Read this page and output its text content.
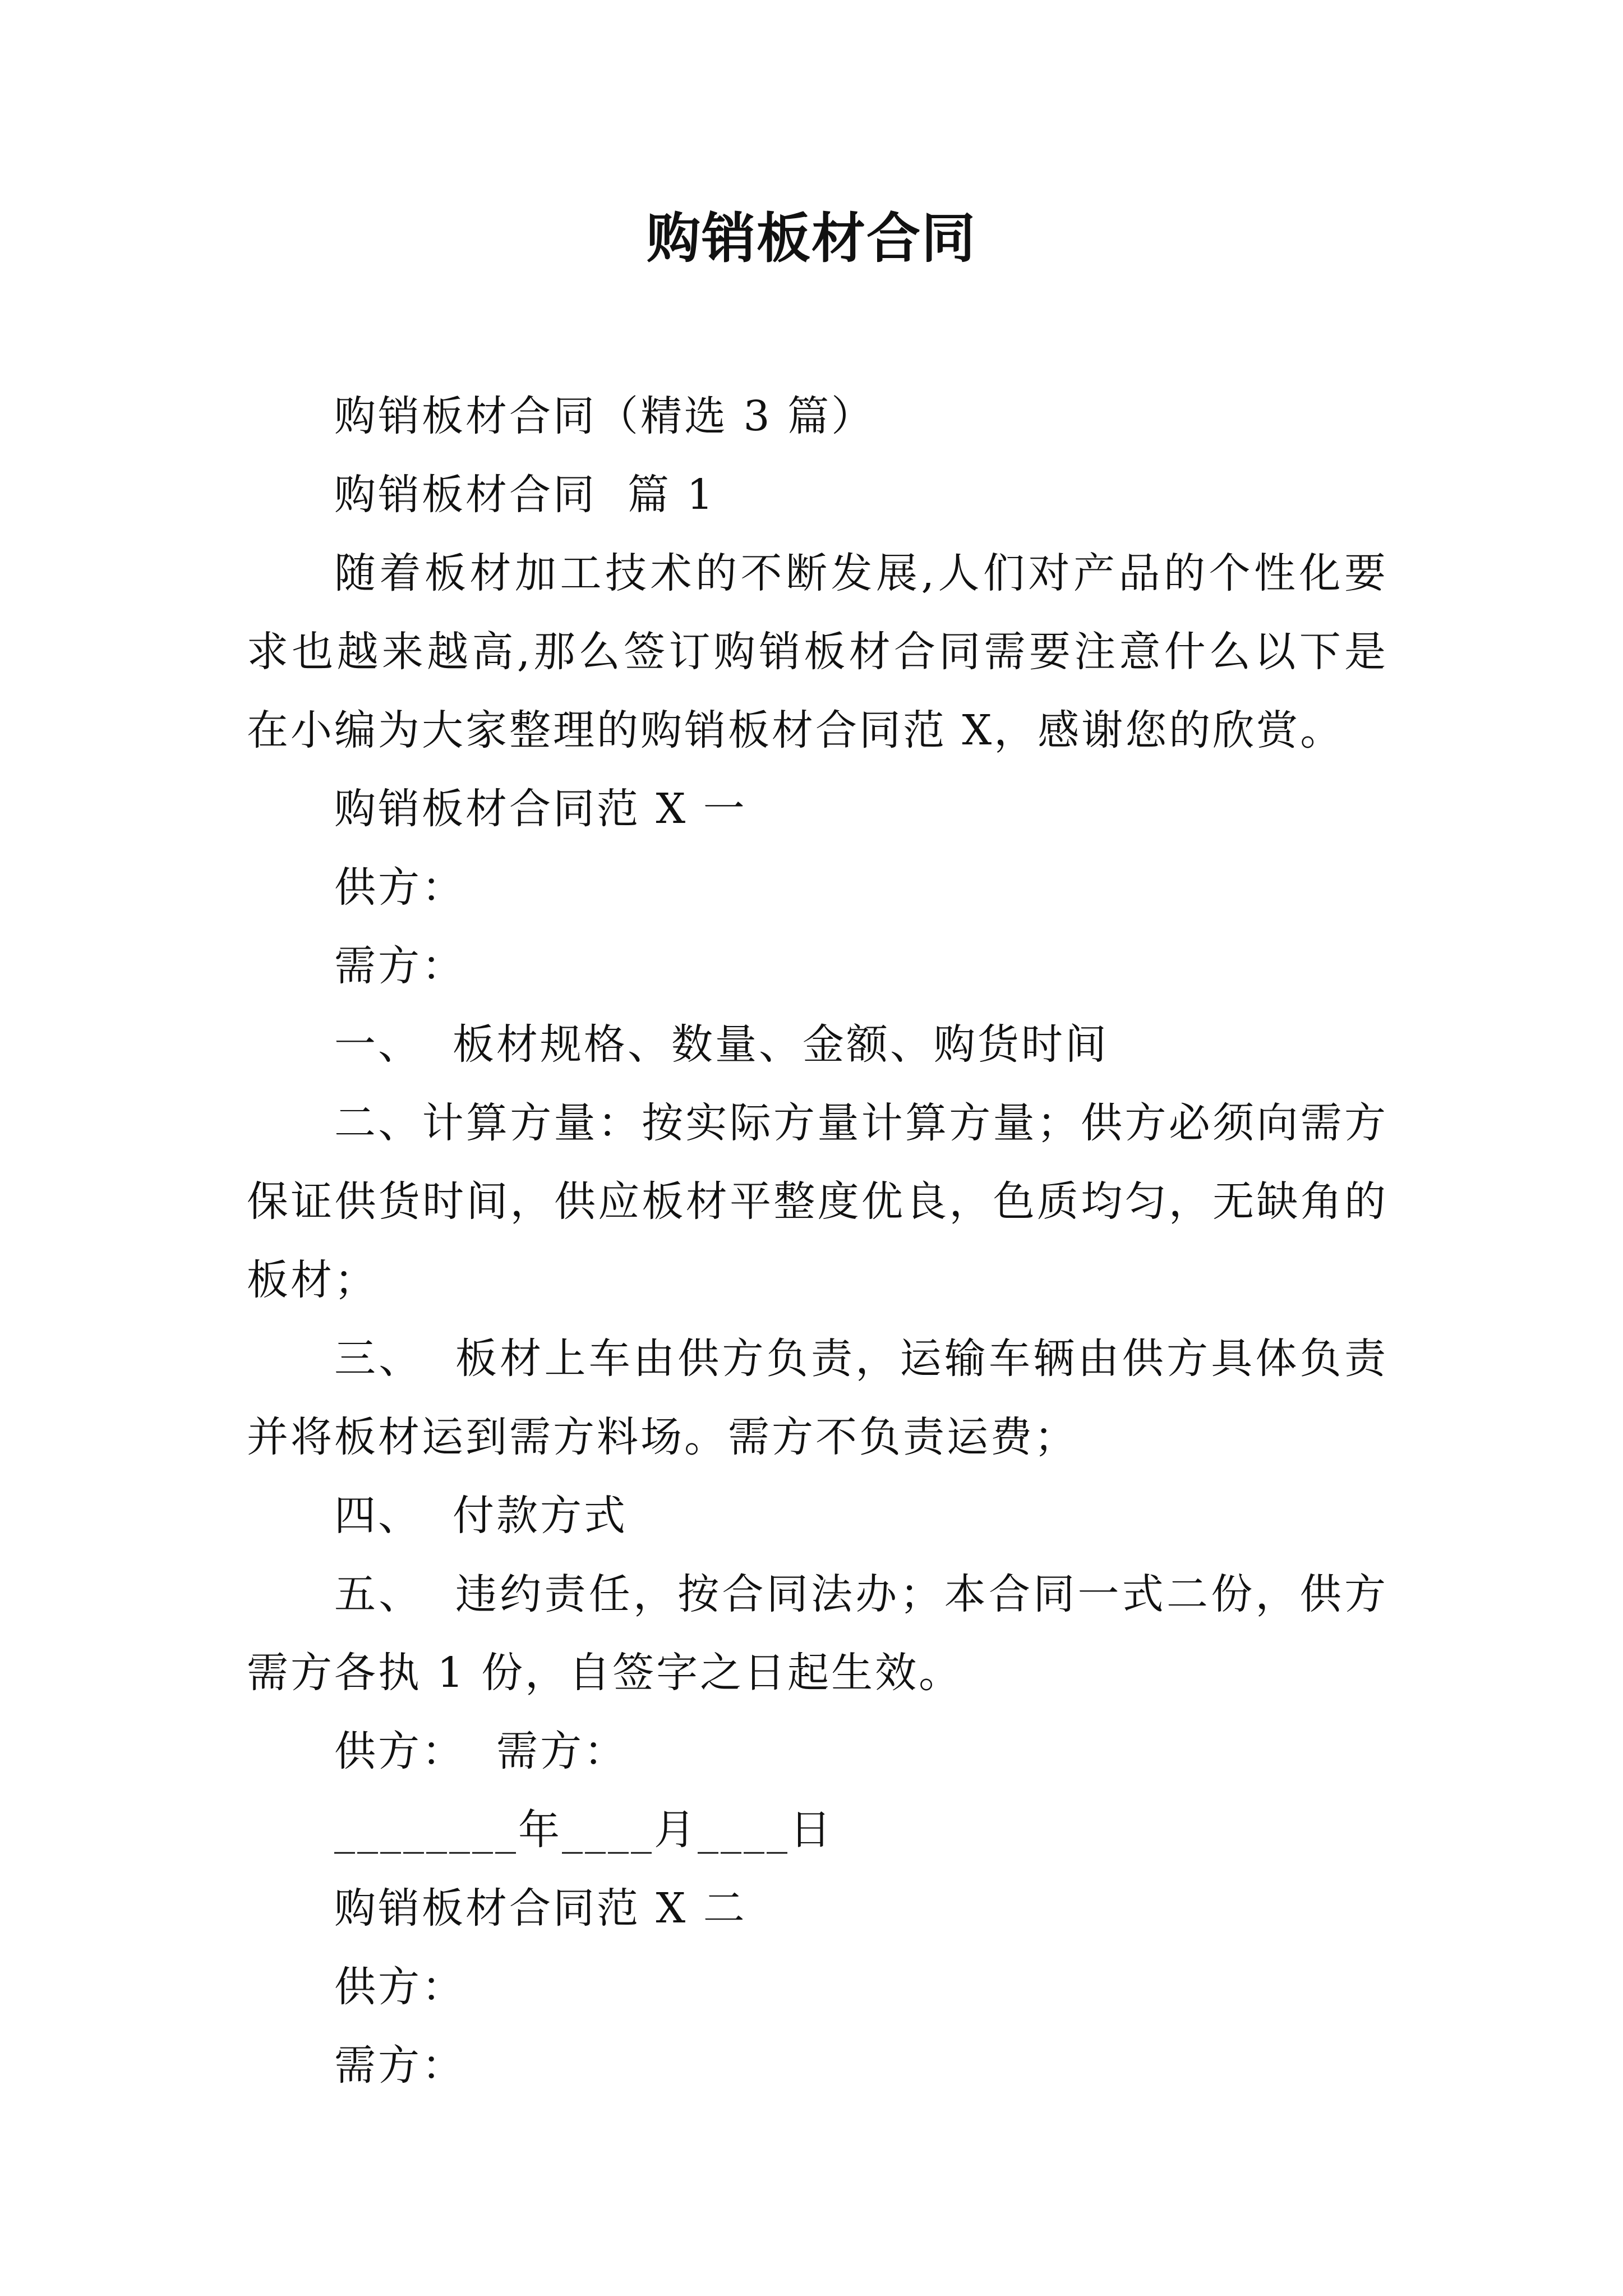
购销板材合同

购销板材合同（精选 3 篇）

购销板材合同  篇 1

随着板材加工技术的不断发展,人们对产品的个性化要求也越来越高,那么签订购销板材合同需要注意什么以下是在小编为大家整理的购销板材合同范 X，感谢您的欣赏。

购销板材合同范 X 一

供方：

需方：

一、  板材规格、数量、金额、购货时间

二、计算方量：按实际方量计算方量；供方必须向需方保证供货时间，供应板材平整度优良，色质均匀，无缺角的板材；

三、  板材上车由供方负责，运输车辆由供方具体负责并将板材运到需方料场。需方不负责运费；

四、  付款方式

五、  违约责任，按合同法办；本合同一式二份，供方需方各执 1 份，自签字之日起生效。

供方：  需方：

________年____月____日

购销板材合同范 X 二

供方：

需方：
